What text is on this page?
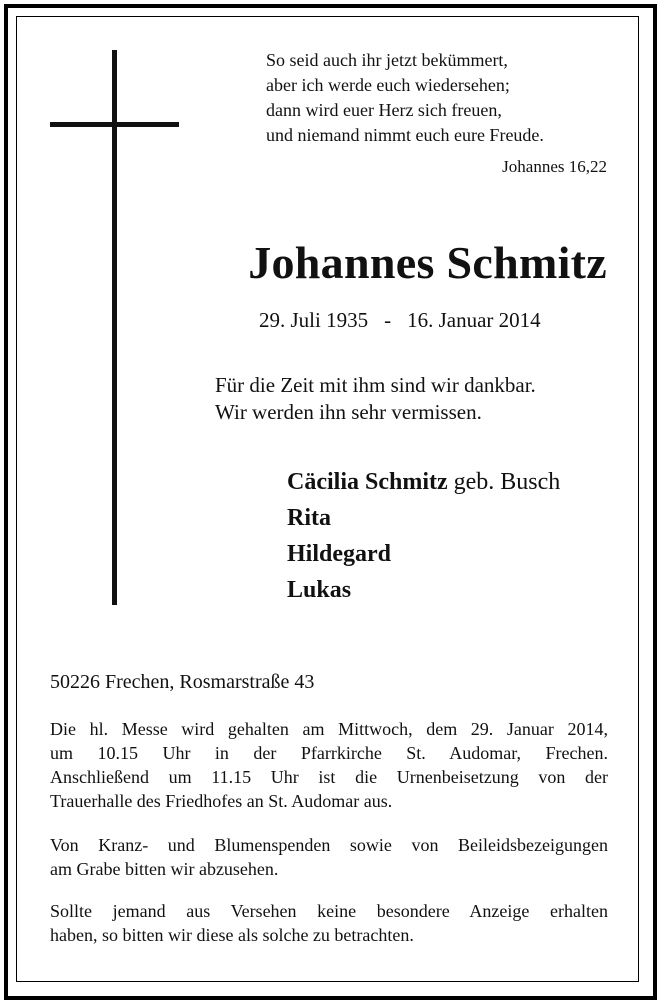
So seid auch ihr jetzt bekümmert,
aber ich werde euch wiedersehen;
dann wird euer Herz sich freuen,
und niemand nimmt euch eure Freude.
Johannes 16,22
Johannes Schmitz
29. Juli 1935 - 16. Januar 2014
Für die Zeit mit ihm sind wir dankbar.
Wir werden ihn sehr vermissen.
Cäcilia Schmitz geb. Busch
Rita
Hildegard
Lukas
50226 Frechen, Rosmarstraße 43
Die hl. Messe wird gehalten am Mittwoch, dem 29. Januar 2014,
um 10.15 Uhr in der Pfarrkirche St. Audomar, Frechen.
Anschließend um 11.15 Uhr ist die Urnenbeisetzung von der
Trauerhalle des Friedhofes an St. Audomar aus.
Von Kranz- und Blumenspenden sowie von Beileidsbezeigungen
am Grabe bitten wir abzusehen.
Sollte jemand aus Versehen keine besondere Anzeige erhalten
haben, so bitten wir diese als solche zu betrachten.
